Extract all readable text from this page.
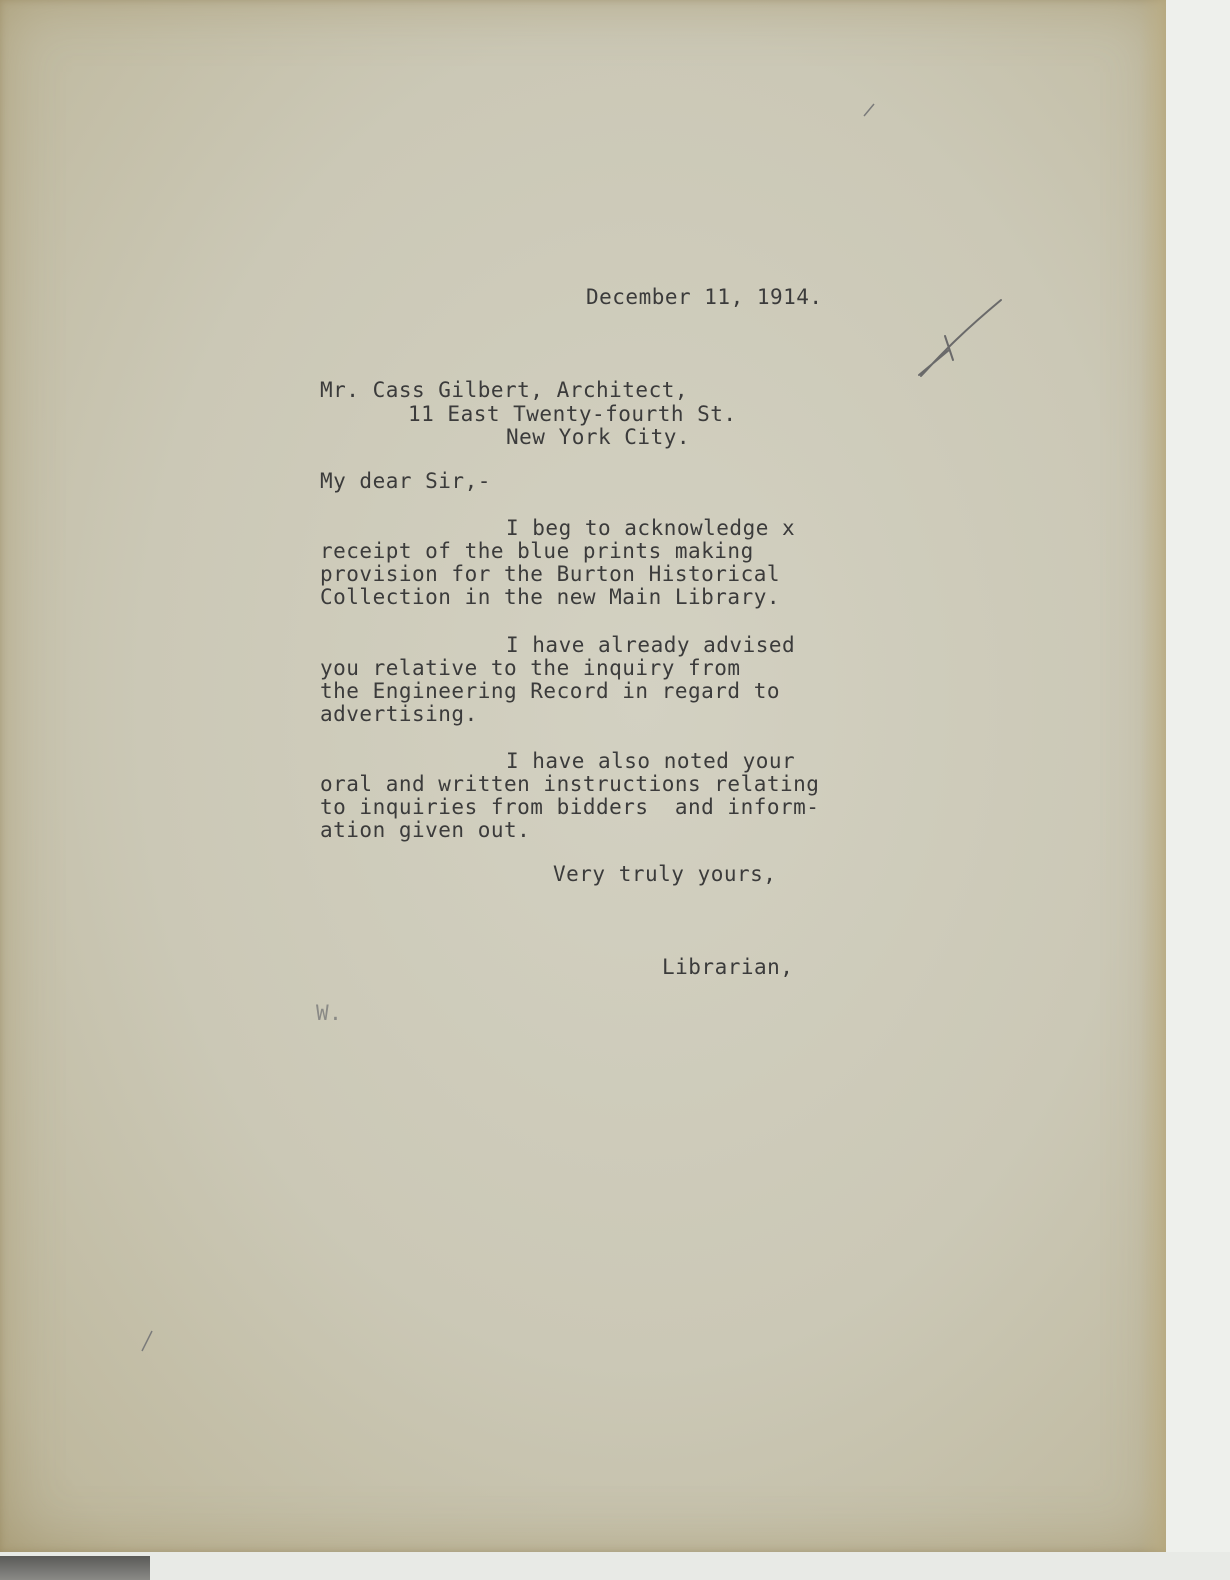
December 11, 1914.
Mr. Cass Gilbert, Architect,
11 East Twenty-fourth St.
New York City.
My dear Sir,-
I beg to acknowledge x
receipt of the blue prints making
provision for the Burton Historical
Collection in the new Main Library.
I have already advised
you relative to the inquiry from
the Engineering Record in regard to
advertising.
I have also noted your
oral and written instructions relating
to inquiries from bidders  and inform-
ation given out.
Very truly yours,
Librarian,
W.
